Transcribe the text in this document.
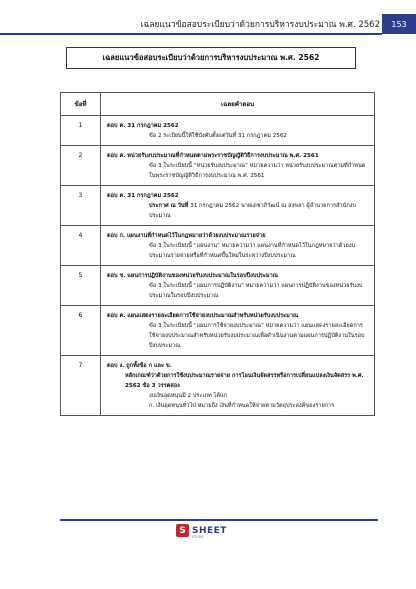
เฉลยแนวข้อสอบระเบียบว่าด้วยการบริหารงบประมาณ พ.ศ. 2562	153
เฉลยแนวข้อสอบระเบียบว่าด้วยการบริหารงบประมาณ พ.ศ. 2562
ข้อที่	เฉลยคำตอบ
1	ตอบ ค. 31 กรกฎาคม 2562
ข้อ 2 ระเบียบนี้ให้ใช้บังคับตั้งแต่วันที่ 31 กรกฎาคม 2562

2	ตอบ ค. หน่วยรับงบประมาณที่กำหนดตามพระราชบัญญัติวิธีการงบประมาณ พ.ศ. 2561
ข้อ 3 ในระเบียบนี้ “หน่วยรับงบประมาณ” หมายความว่า หน่วยรับงบประมาณตามที่กำหนดในพระราชบัญญัติวิธีการงบประมาณ พ.ศ. 2561

3	ตอบ ค. 31 กรกฎาคม 2562
ประกาศ ณ วันที่ 31 กรกฎาคม 2562 นายเดชาภิวัฒน์ ณ สงขลา ผู้อำนวยการสำนักงบประมาณ

4	ตอบ ก. แผนงานที่กำหนดไว้ในกฎหมายว่าด้วยงบประมาณรายจ่าย
ข้อ 3 ในระเบียบนี้ “แผนงาน” หมายความว่า แผนงานที่กำหนดไว้ในกฎหมายว่าด้วยงบประมาณรายจ่ายหรือที่กำหนดขึ้นใหม่ในระหว่างปีงบประมาณ

5	ตอบ ข. แผนการปฏิบัติงานของหน่วยรับงบประมาณในรอบปีงบประมาณ
ข้อ 3 ในระเบียบนี้ “แผนการปฏิบัติงาน” หมายความว่า แผนการปฏิบัติงานของหน่วยรับงบประมาณในรอบปีงบประมาณ

6	ตอบ ค. แผนแสดงรายละเอียดการใช้จ่ายงบประมาณสำหรับหน่วยรับงบประมาณ
ข้อ 3 ในระเบียบนี้ “แผนการใช้จ่ายงบประมาณ” หมายความว่า แผนแสดงรายละเอียดการใช้จ่ายงบประมาณสำหรับหน่วยรับงบประมาณเพื่อดำเนินงานตามแผนการปฏิบัติงานในรอบปีงบประมาณ

7	ตอบ ง. ถูกทั้งข้อ ก และ ข.
หลักเกณฑ์ว่าด้วยการใช้งบประมาณรายจ่าย การโอนเงินจัดสรรหรือการเปลี่ยนแปลงเงินจัดสรร พ.ศ. 2562 ข้อ 3 วรรคสอง
งบเงินอุดหนุนมี 2 ประเภท ได้แก่
ก. เงินอุดหนุนทั่วไป หมายถึง เงินที่กำหนดให้จ่ายตามวัตถุประสงค์ของรายการ
S SHEET
STORE
